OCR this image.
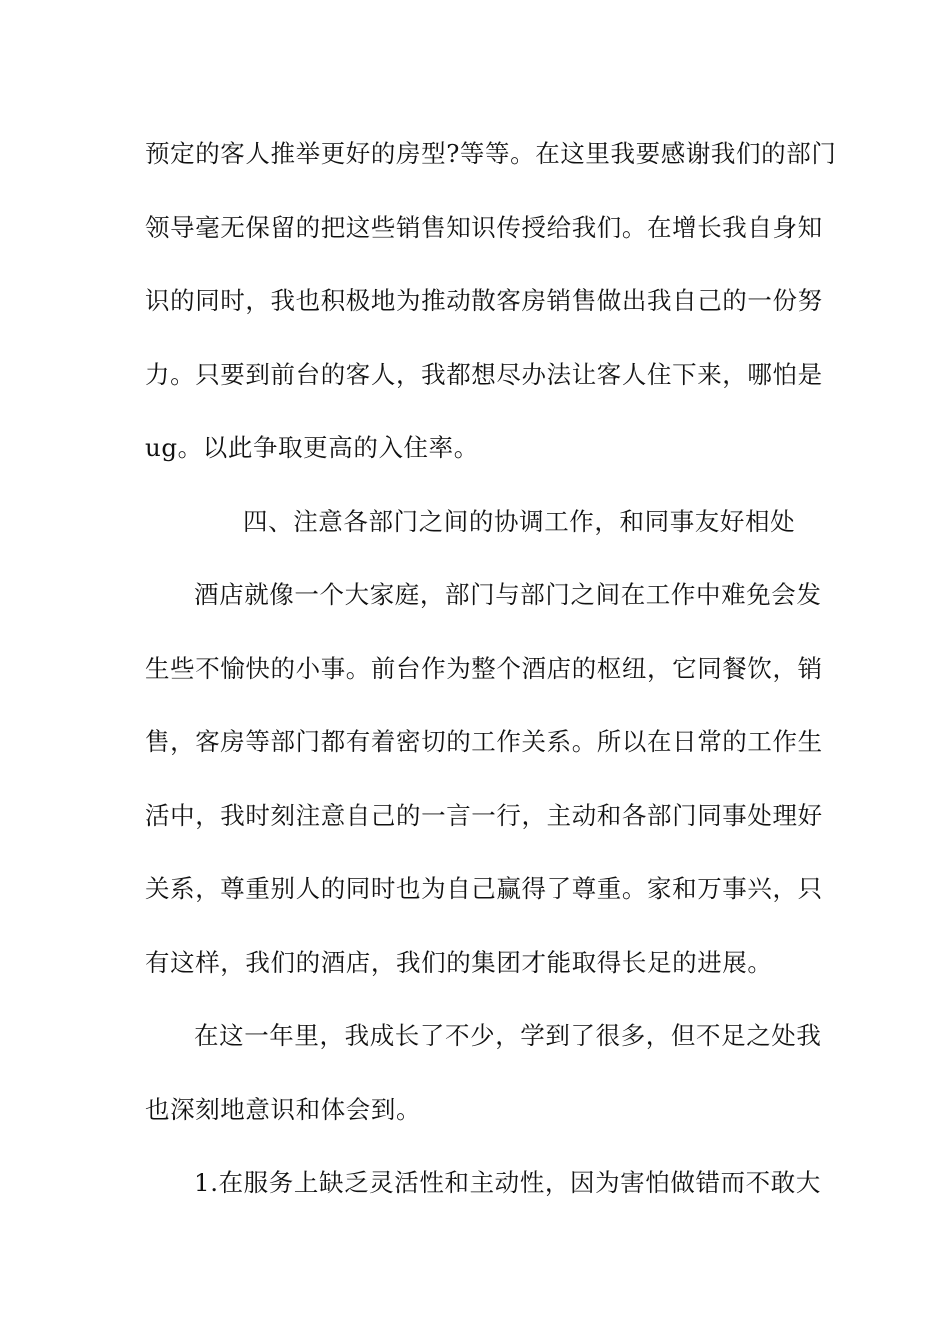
预定的客人推举更好的房型?等等。在这里我要感谢我们的部门
领导毫无保留的把这些销售知识传授给我们。在增长我自身知
识的同时，我也积极地为推动散客房销售做出我自己的一份努
力。只要到前台的客人，我都想尽办法让客人住下来，哪怕是
ug。以此争取更高的入住率。
四、注意各部门之间的协调工作，和同事友好相处
酒店就像一个大家庭，部门与部门之间在工作中难免会发
生些不愉快的小事。前台作为整个酒店的枢纽，它同餐饮，销
售，客房等部门都有着密切的工作关系。所以在日常的工作生
活中，我时刻注意自己的一言一行，主动和各部门同事处理好
关系，尊重别人的同时也为自己赢得了尊重。家和万事兴，只
有这样，我们的酒店，我们的集团才能取得长足的进展。
在这一年里，我成长了不少，学到了很多，但不足之处我
也深刻地意识和体会到。
1.在服务上缺乏灵活性和主动性，因为害怕做错而不敢大
